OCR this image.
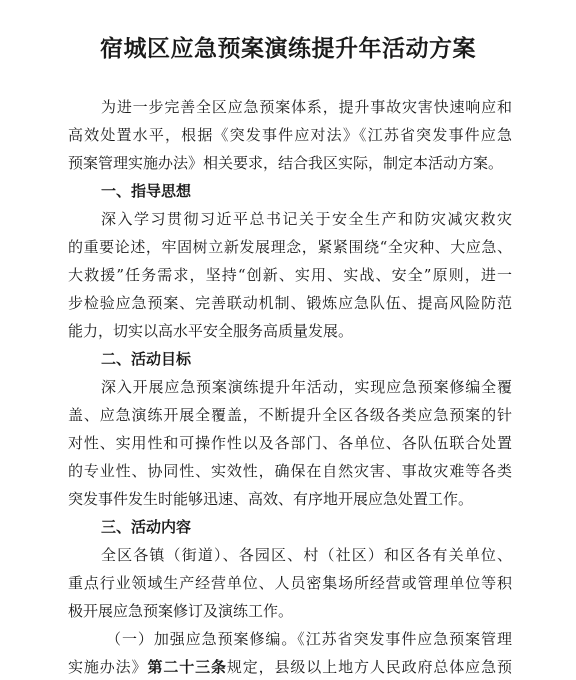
宿城区应急预案演练提升年活动方案
为进一步完善全区应急预案体系，提升事故灾害快速响应和
高效处置水平，根据《突发事件应对法》《江苏省突发事件应急
预案管理实施办法》相关要求，结合我区实际，制定本活动方案。
一、指导思想
深入学习贯彻习近平总书记关于安全生产和防灾减灾救灾
的重要论述，牢固树立新发展理念，紧紧围绕“全灾种、大应急、
大救援”任务需求，坚持“创新、实用、实战、安全”原则，进一
步检验应急预案、完善联动机制、锻炼应急队伍、提高风险防范
能力，切实以高水平安全服务高质量发展。
二、活动目标
深入开展应急预案演练提升年活动，实现应急预案修编全覆
盖、应急演练开展全覆盖，不断提升全区各级各类应急预案的针
对性、实用性和可操作性以及各部门、各单位、各队伍联合处置
的专业性、协同性、实效性，确保在自然灾害、事故灾难等各类
突发事件发生时能够迅速、高效、有序地开展应急处置工作。
三、活动内容
全区各镇（街道）、各园区、村（社区）和区各有关单位、
重点行业领域生产经营单位、人员密集场所经营或管理单位等积
极开展应急预案修订及演练工作。
（一）加强应急预案修编。《江苏省突发事件应急预案管理
实施办法》第二十三条规定，县级以上地方人民政府总体应急预
